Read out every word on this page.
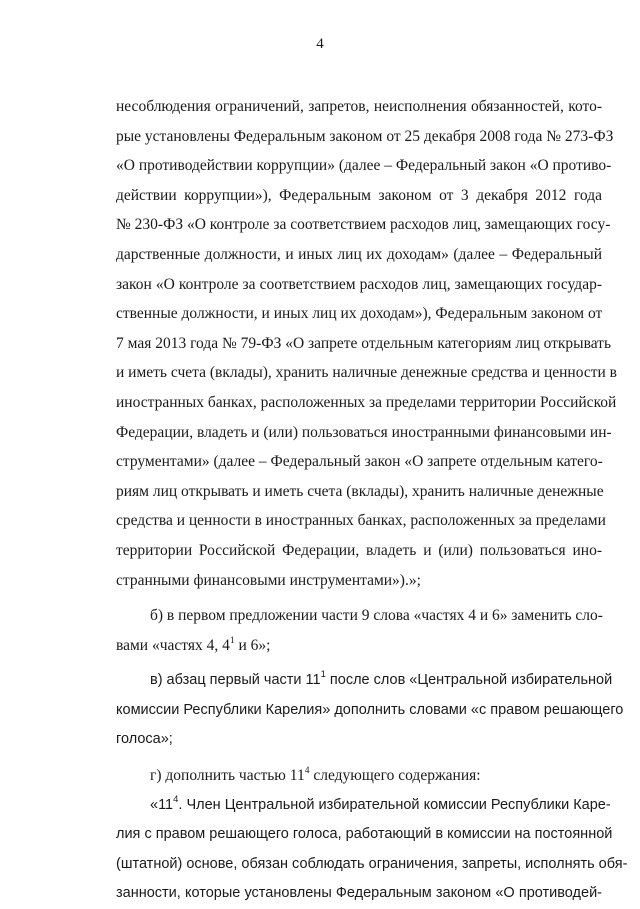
4
несоблюдения ограничений, запретов, неисполнения обязанностей, кото-
рые установлены Федеральным законом от 25 декабря 2008 года № 273-ФЗ
«О противодействии коррупции» (далее – Федеральный закон «О противо-
действии коррупции»), Федеральным законом от 3 декабря 2012 года
№ 230-ФЗ «О контроле за соответствием расходов лиц, замещающих госу-
дарственные должности, и иных лиц их доходам» (далее – Федеральный
закон «О контроле за соответствием расходов лиц, замещающих государ-
ственные должности, и иных лиц их доходам»), Федеральным законом от
7 мая 2013 года № 79-ФЗ «О запрете отдельным категориям лиц открывать
и иметь счета (вклады), хранить наличные денежные средства и ценности в
иностранных банках, расположенных за пределами территории Российской
Федерации, владеть и (или) пользоваться иностранными финансовыми ин-
струментами» (далее – Федеральный закон «О запрете отдельным катего-
риям лиц открывать и иметь счета (вклады), хранить наличные денежные
средства и ценности в иностранных банках, расположенных за пределами
территории Российской Федерации, владеть и (или) пользоваться ино-
странными финансовыми инструментами»).»;
б) в первом предложении части 9 слова «частях 4 и 6» заменить сло-
вами «частях 4, $4^1$ и 6»;
в) абзац первый части $11^1$ после слов «Центральной избирательной
комиссии Республики Карелия» дополнить словами «с правом решающего
голоса»;
г) дополнить частью $11^4$ следующего содержания:
«$11^4$. Член Центральной избирательной комиссии Республики Каре-
лия с правом решающего голоса, работающий в комиссии на постоянной
(штатной) основе, обязан соблюдать ограничения, запреты, исполнять обя-
занности, которые установлены Федеральным законом «О противодей-
